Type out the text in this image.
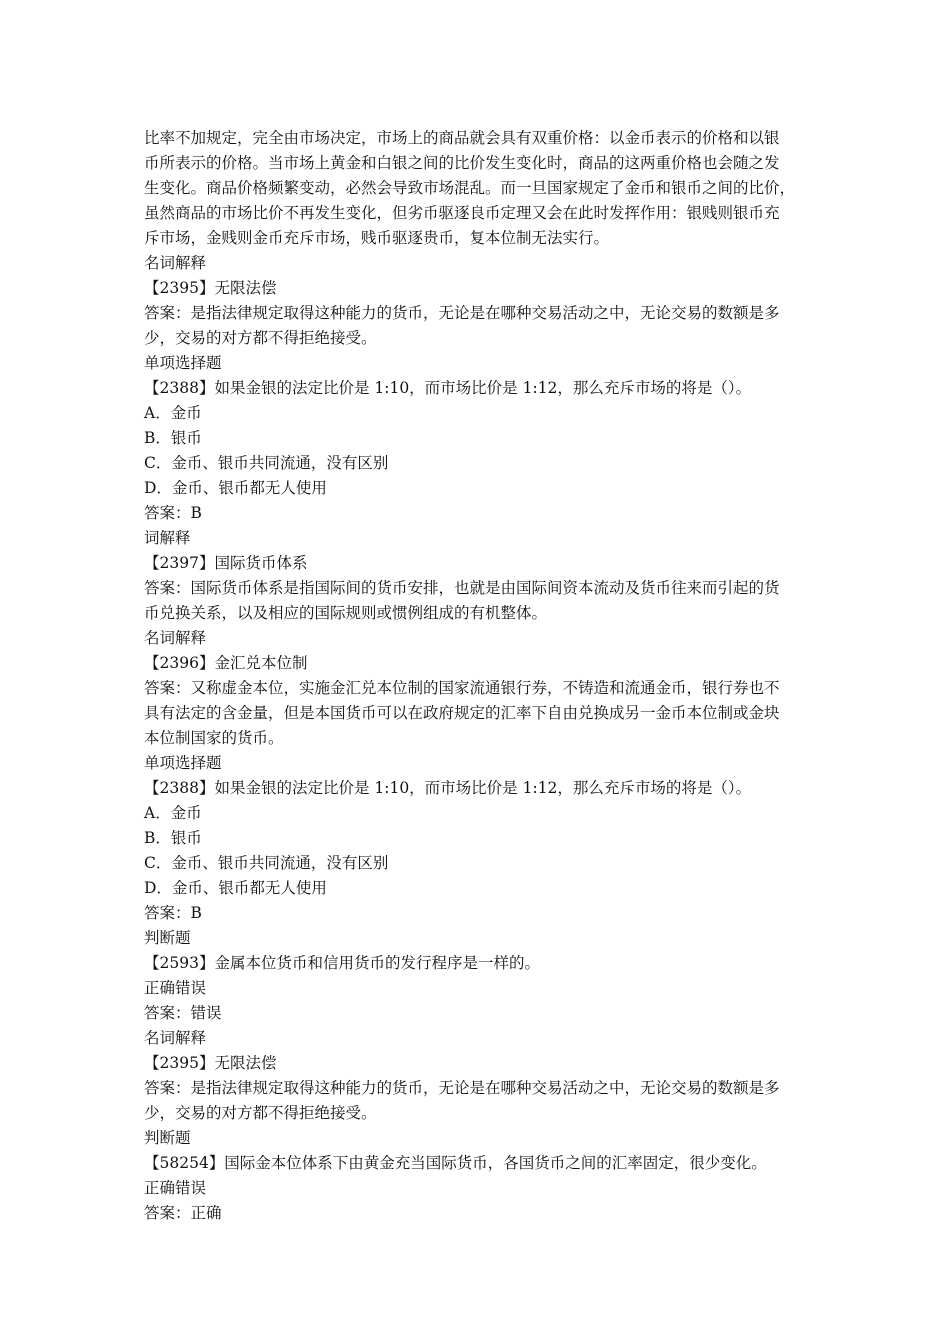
比率不加规定，完全由市场决定，市场上的商品就会具有双重价格：以金币表示的价格和以银
币所表示的价格。当市场上黄金和白银之间的比价发生变化时，商品的这两重价格也会随之发
生变化。商品价格频繁变动，必然会导致市场混乱。而一旦国家规定了金币和银币之间的比价，
虽然商品的市场比价不再发生变化，但劣币驱逐良币定理又会在此时发挥作用：银贱则银币充
斥市场，金贱则金币充斥市场，贱币驱逐贵币，复本位制无法实行。
名词解释
【2395】无限法偿
答案：是指法律规定取得这种能力的货币，无论是在哪种交易活动之中，无论交易的数额是多
少，交易的对方都不得拒绝接受。
单项选择题
【2388】如果金银的法定比价是 1:10，而市场比价是 1:12，那么充斥市场的将是（）。
A．金币
B．银币
C．金币、银币共同流通，没有区别
D．金币、银币都无人使用
答案：B
词解释
【2397】国际货币体系
答案：国际货币体系是指国际间的货币安排，也就是由国际间资本流动及货币往来而引起的货
币兑换关系，以及相应的国际规则或惯例组成的有机整体。
名词解释
【2396】金汇兑本位制
答案：又称虚金本位，实施金汇兑本位制的国家流通银行券，不铸造和流通金币，银行券也不
具有法定的含金量，但是本国货币可以在政府规定的汇率下自由兑换成另一金币本位制或金块
本位制国家的货币。
单项选择题
【2388】如果金银的法定比价是 1:10，而市场比价是 1:12，那么充斥市场的将是（）。
A．金币
B．银币
C．金币、银币共同流通，没有区别
D．金币、银币都无人使用
答案：B
判断题
【2593】金属本位货币和信用货币的发行程序是一样的。
正确错误
答案：错误
名词解释
【2395】无限法偿
答案：是指法律规定取得这种能力的货币，无论是在哪种交易活动之中，无论交易的数额是多
少，交易的对方都不得拒绝接受。
判断题
【58254】国际金本位体系下由黄金充当国际货币，各国货币之间的汇率固定，很少变化。
正确错误
答案：正确
